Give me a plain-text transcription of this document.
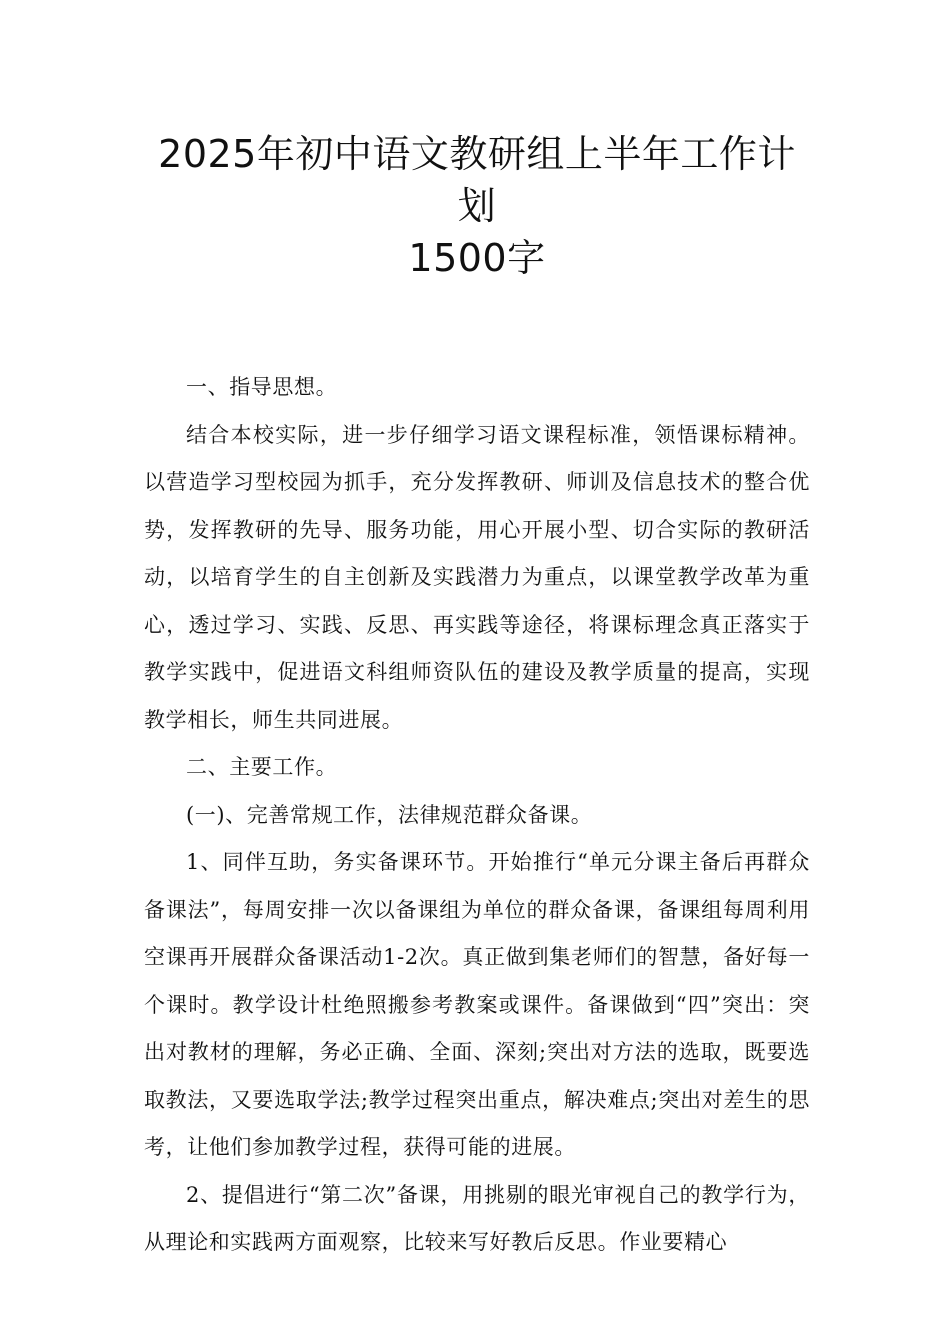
2025年初中语文教研组上半年工作计划
1500字

一、指导思想。

结合本校实际，进一步仔细学习语文课程标准，领悟课标精神。以营造学习型校园为抓手，充分发挥教研、师训及信息技术的整合优势，发挥教研的先导、服务功能，用心开展小型、切合实际的教研活动，以培育学生的自主创新及实践潜力为重点，以课堂教学改革为重心，透过学习、实践、反思、再实践等途径，将课标理念真正落实于教学实践中，促进语文科组师资队伍的建设及教学质量的提高，实现教学相长，师生共同进展。

二、主要工作。

(一)、完善常规工作，法律规范群众备课。

1、同伴互助，务实备课环节。开始推行“单元分课主备后再群众备课法”，每周安排一次以备课组为单位的群众备课，备课组每周利用空课再开展群众备课活动1-2次。真正做到集老师们的智慧，备好每一个课时。教学设计杜绝照搬参考教案或课件。备课做到“四”突出：突出对教材的理解，务必正确、全面、深刻;突出对方法的选取，既要选取教法，又要选取学法;教学过程突出重点，解决难点;突出对差生的思考，让他们参加教学过程，获得可能的进展。

2、提倡进行“第二次”备课，用挑剔的眼光审视自己的教学行为，从理论和实践两方面观察，比较来写好教后反思。作业要精心
